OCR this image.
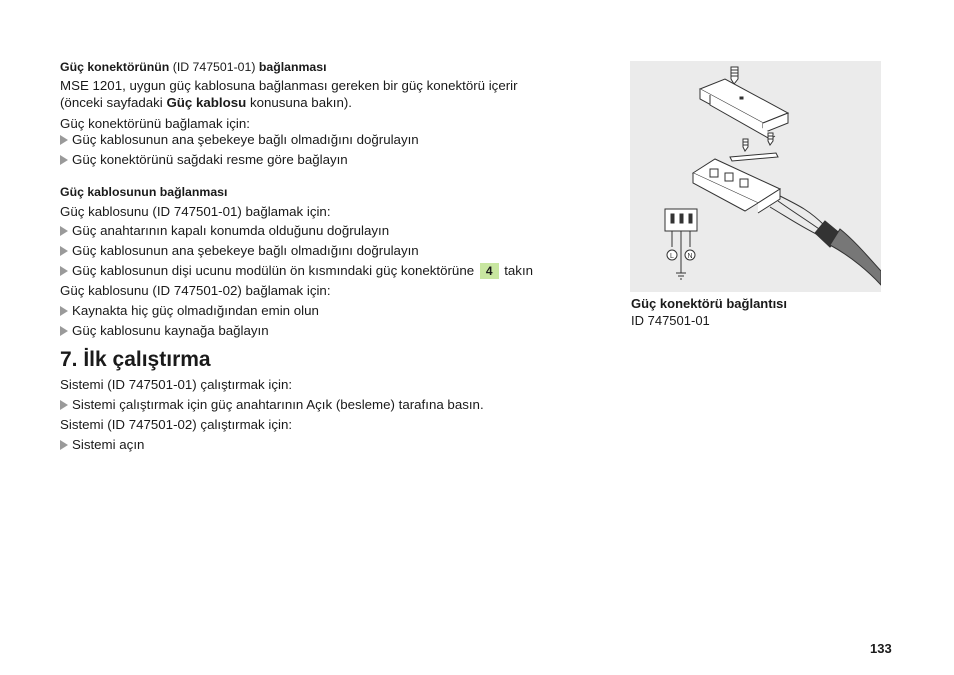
Güç konektörünün (ID 747501-01) bağlanması
MSE 1201, uygun güç kablosuna bağlanması gereken bir güç konektörü içerir
(önceki sayfadaki Güç kablosu konusuna bakın).
Güç konektörünü bağlamak için:
Güç kablosunun ana şebekeye bağlı olmadığını doğrulayın
Güç konektörünü sağdaki resme göre bağlayın
Güç kablosunun bağlanması
Güç kablosunu (ID 747501-01) bağlamak için:
Güç anahtarının kapalı konumda olduğunu doğrulayın
Güç kablosunun ana şebekeye bağlı olmadığını doğrulayın
Güç kablosunun dişi ucunu modülün ön kısmındaki güç konektörüne 4 takın
Güç kablosunu (ID 747501-02) bağlamak için:
Kaynakta hiç güç olmadığından emin olun
Güç kablosunu kaynağa bağlayın
7. İlk çalıştırma
Sistemi (ID 747501-01) çalıştırmak için:
Sistemi çalıştırmak için güç anahtarının Açık (besleme) tarafına basın.
Sistemi (ID 747501-02) çalıştırmak için:
Sistemi açın
L N
Güç konektörü bağlantısı
ID 747501-01
133
